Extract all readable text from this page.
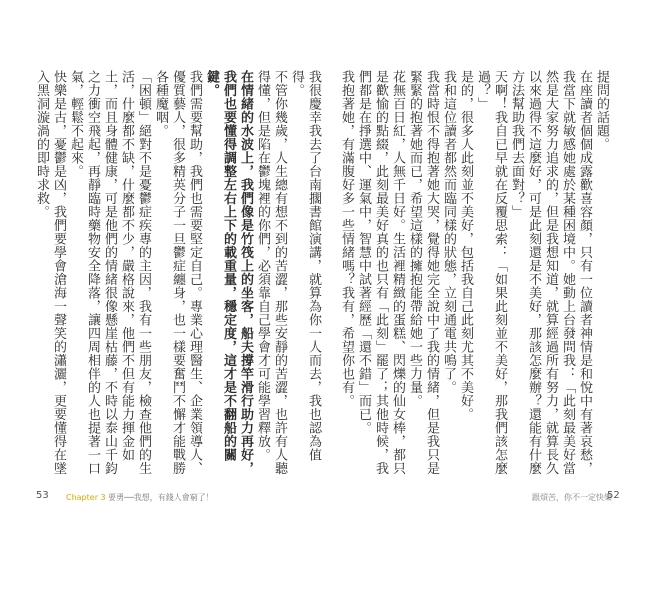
提問的話題。

在座讀者個個成露歡喜容顏，只有一位讀者神情是和悅中有著哀愁，我當下就敏感她處於某種困境中。她動上台發問我：「此刻最美好當然是大家努力追求的，但是我想知道，就算經過所有努力，就算長久以來過得不這麼好，可是此刻還是不美好，那該怎麼辦？還能有什麼方法幫助我們去面對？」

天啊！我自已早就在反覆思索：「如果此刻並不美好，那我們該怎麼過？」

是的，很多人此刻並不美好，包括我自己此刻尤其不美好。

我和這位讀者都然而臨同樣的狀態，立刻通電共鳴了。

我當時恨不得抱著她大哭，覺得她完全說中了我的情緒，但是我只是緊緊的抱著她而已，希望這樣的擁抱能帶給她一些力量。

花無百日紅，人無千日好。生活裡精緻的蛋糕、閃爍的仙女棒，都只是歡愉的點綴，此刻最美好真的也只有「此刻」罷了；其他時候，我們都是在掙選中、運氣中，智慧中試著經歷「還不錯」而已。

我抱著她，有滿腹好多一些情緒嗎？我有，希望你也有。

我很慶幸我去了台南擱書館演講，就算為你一人而去，我也認為值得。

不管你幾歲，人生總有想不到的苦澀，那些安靜的苦澀，也許有人聽得懂，但是陷在鬱塊裡的你們，必須靠自己學會才可能學習釋放。

在情緒的水波上，我們像是竹筏上的坐客，船夫撐竿滑行助力再好，我們也要懂得調整左右上下的載重量，穩定度，這才是不翻船的關鍵。

我們需要幫助，我們也需要堅定自己。專業心理醫生、企業領導人、優質藝人，很多精英分子一旦鬱症纏身，也一樣要奮鬥不懈才能戰勝各種魔咽。

「困頓」絕對不是憂鬱症疾專的主因，我有一些朋友，檢查他們的生活，什麼都不缺，什麼都不少，嚴格說來，他們不但有能力揮金如土，而且身體健康，可是他們的情緒很像懸崖枯藤，不時以泰山千鈞之力衝空飛起，再靜臨時藥物安全降落，讓四周相伴的人也提著一口氣，輕鬆不起來。

快樂是古，憂鬱是凶，我們要學會滄海一聲笑的瀟灑，更要懂得在墜入黑洞漩渦的即時求救。

53 Chapter 3 要勇──我想，有錢人會窮了！	跟煩苦，你不一定快樂
52
